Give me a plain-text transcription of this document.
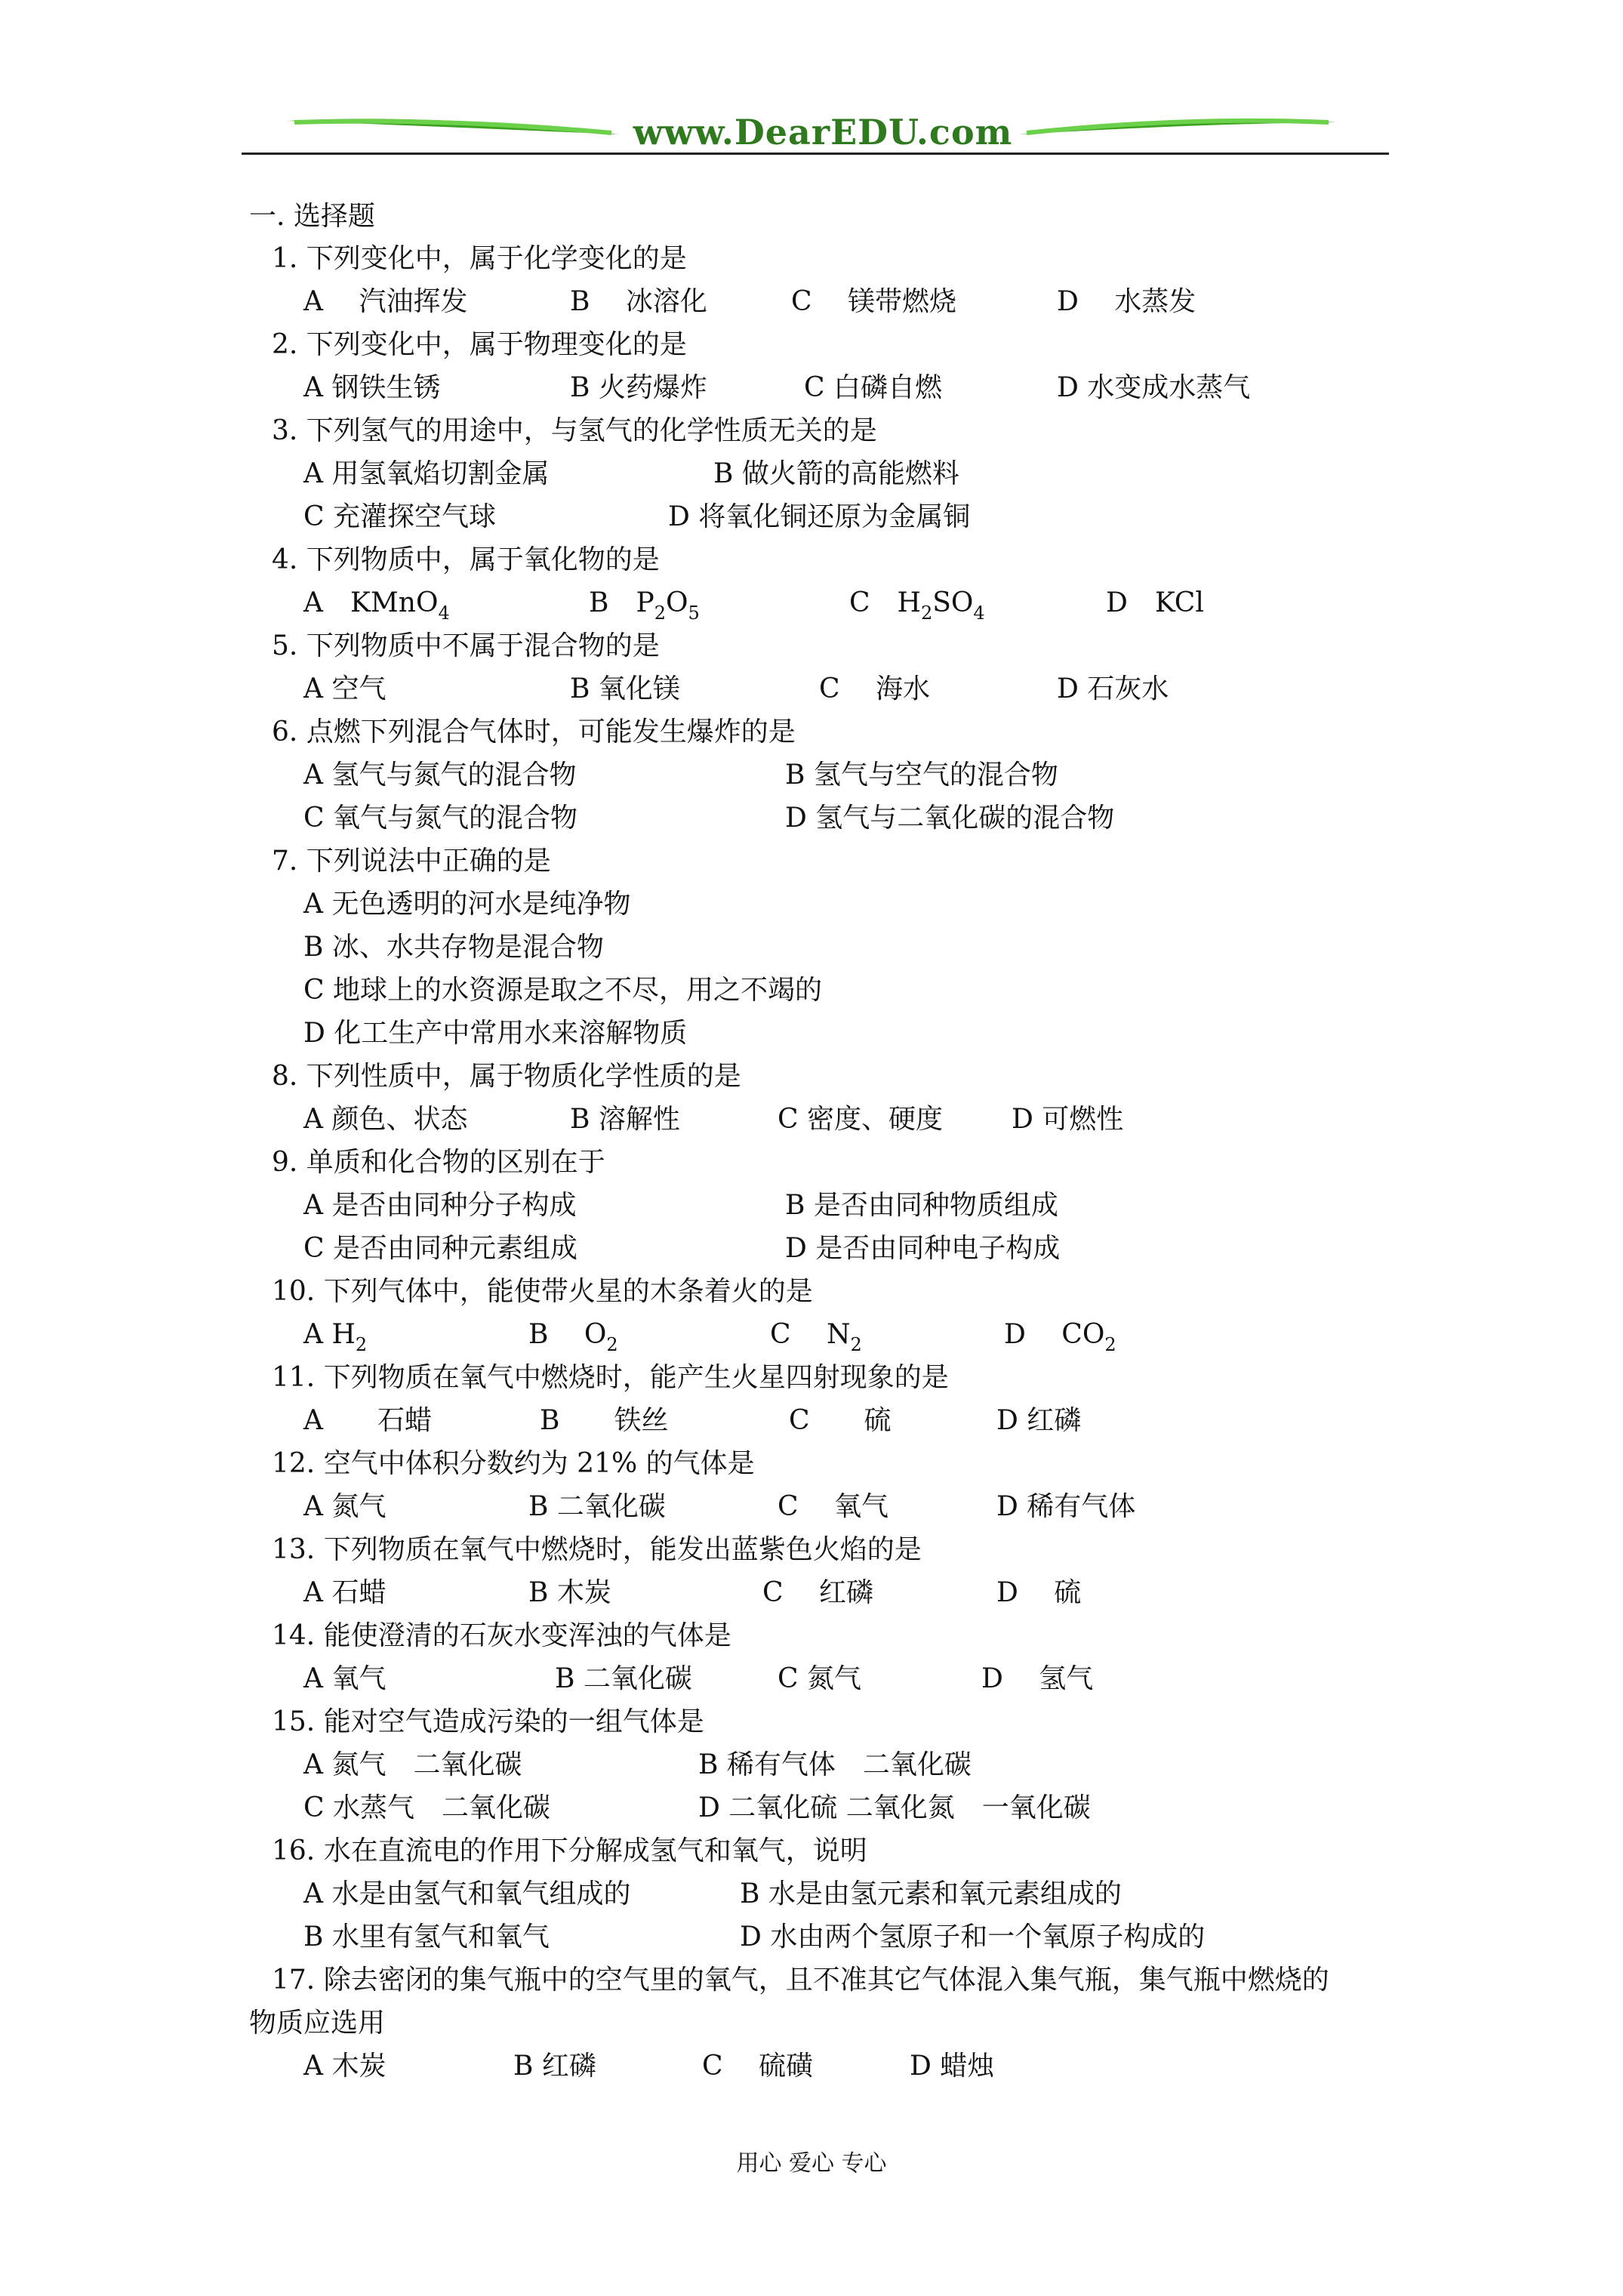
www.DearEDU.com
一. 选择题
1. 下列变化中，属于化学变化的是
A　 汽油挥发	B　 冰溶化	C　 镁带燃烧	D　 水蒸发
2. 下列变化中，属于物理变化的是
A 钢铁生锈	B 火药爆炸	C 白磷自燃	D 水变成水蒸气
3. 下列氢气的用途中，与氢气的化学性质无关的是
A 用氢氧焰切割金属	B 做火箭的高能燃料
C 充灌探空气球	D 将氧化铜还原为金属铜
4. 下列物质中，属于氧化物的是
A　KMnO$_4$	B　$P_2O_5$	C　$H_2SO_4$	D　KCl
5. 下列物质中不属于混合物的是
A 空气	B 氧化镁	C　 海水	D 石灰水
6. 点燃下列混合气体时，可能发生爆炸的是
A 氢气与氮气的混合物	B 氢气与空气的混合物
C 氧气与氮气的混合物	D 氢气与二氧化碳的混合物
7. 下列说法中正确的是
A 无色透明的河水是纯净物
B 冰、水共存物是混合物
C 地球上的水资源是取之不尽，用之不竭的
D 化工生产中常用水来溶解物质
8. 下列性质中，属于物质化学性质的是
A 颜色、状态	B 溶解性	C 密度、硬度	D 可燃性
9. 单质和化合物的区别在于
A 是否由同种分子构成	B 是否由同种物质组成
C 是否由同种元素组成	D 是否由同种电子构成
10. 下列气体中，能使带火星的木条着火的是
A $H_2$	B　 $O_2$	C　 $N_2$	D　 $CO_2$
11. 下列物质在氧气中燃烧时，能产生火星四射现象的是
A　　石蜡	B　　铁丝	C　　硫	D 红磷
12. 空气中体积分数约为 21% 的气体是
A 氮气	B 二氧化碳	C　 氧气	D 稀有气体
13. 下列物质在氧气中燃烧时，能发出蓝紫色火焰的是
A 石蜡	B 木炭	C　 红磷	D　 硫
14. 能使澄清的石灰水变浑浊的气体是
A 氧气	B 二氧化碳	C 氮气	D　 氢气
15. 能对空气造成污染的一组气体是
A 氮气　二氧化碳	B 稀有气体　二氧化碳
C 水蒸气　二氧化碳	D 二氧化硫 二氧化氮　一氧化碳
16. 水在直流电的作用下分解成氢气和氧气，说明
A 水是由氢气和氧气组成的	B 水是由氢元素和氧元素组成的
B 水里有氢气和氧气	D 水由两个氢原子和一个氧原子构成的
17. 除去密闭的集气瓶中的空气里的氧气，且不准其它气体混入集气瓶，集气瓶中燃烧的
物质应选用
A 木炭	B 红磷	C　 硫磺	D 蜡烛
用心 爱心 专心
